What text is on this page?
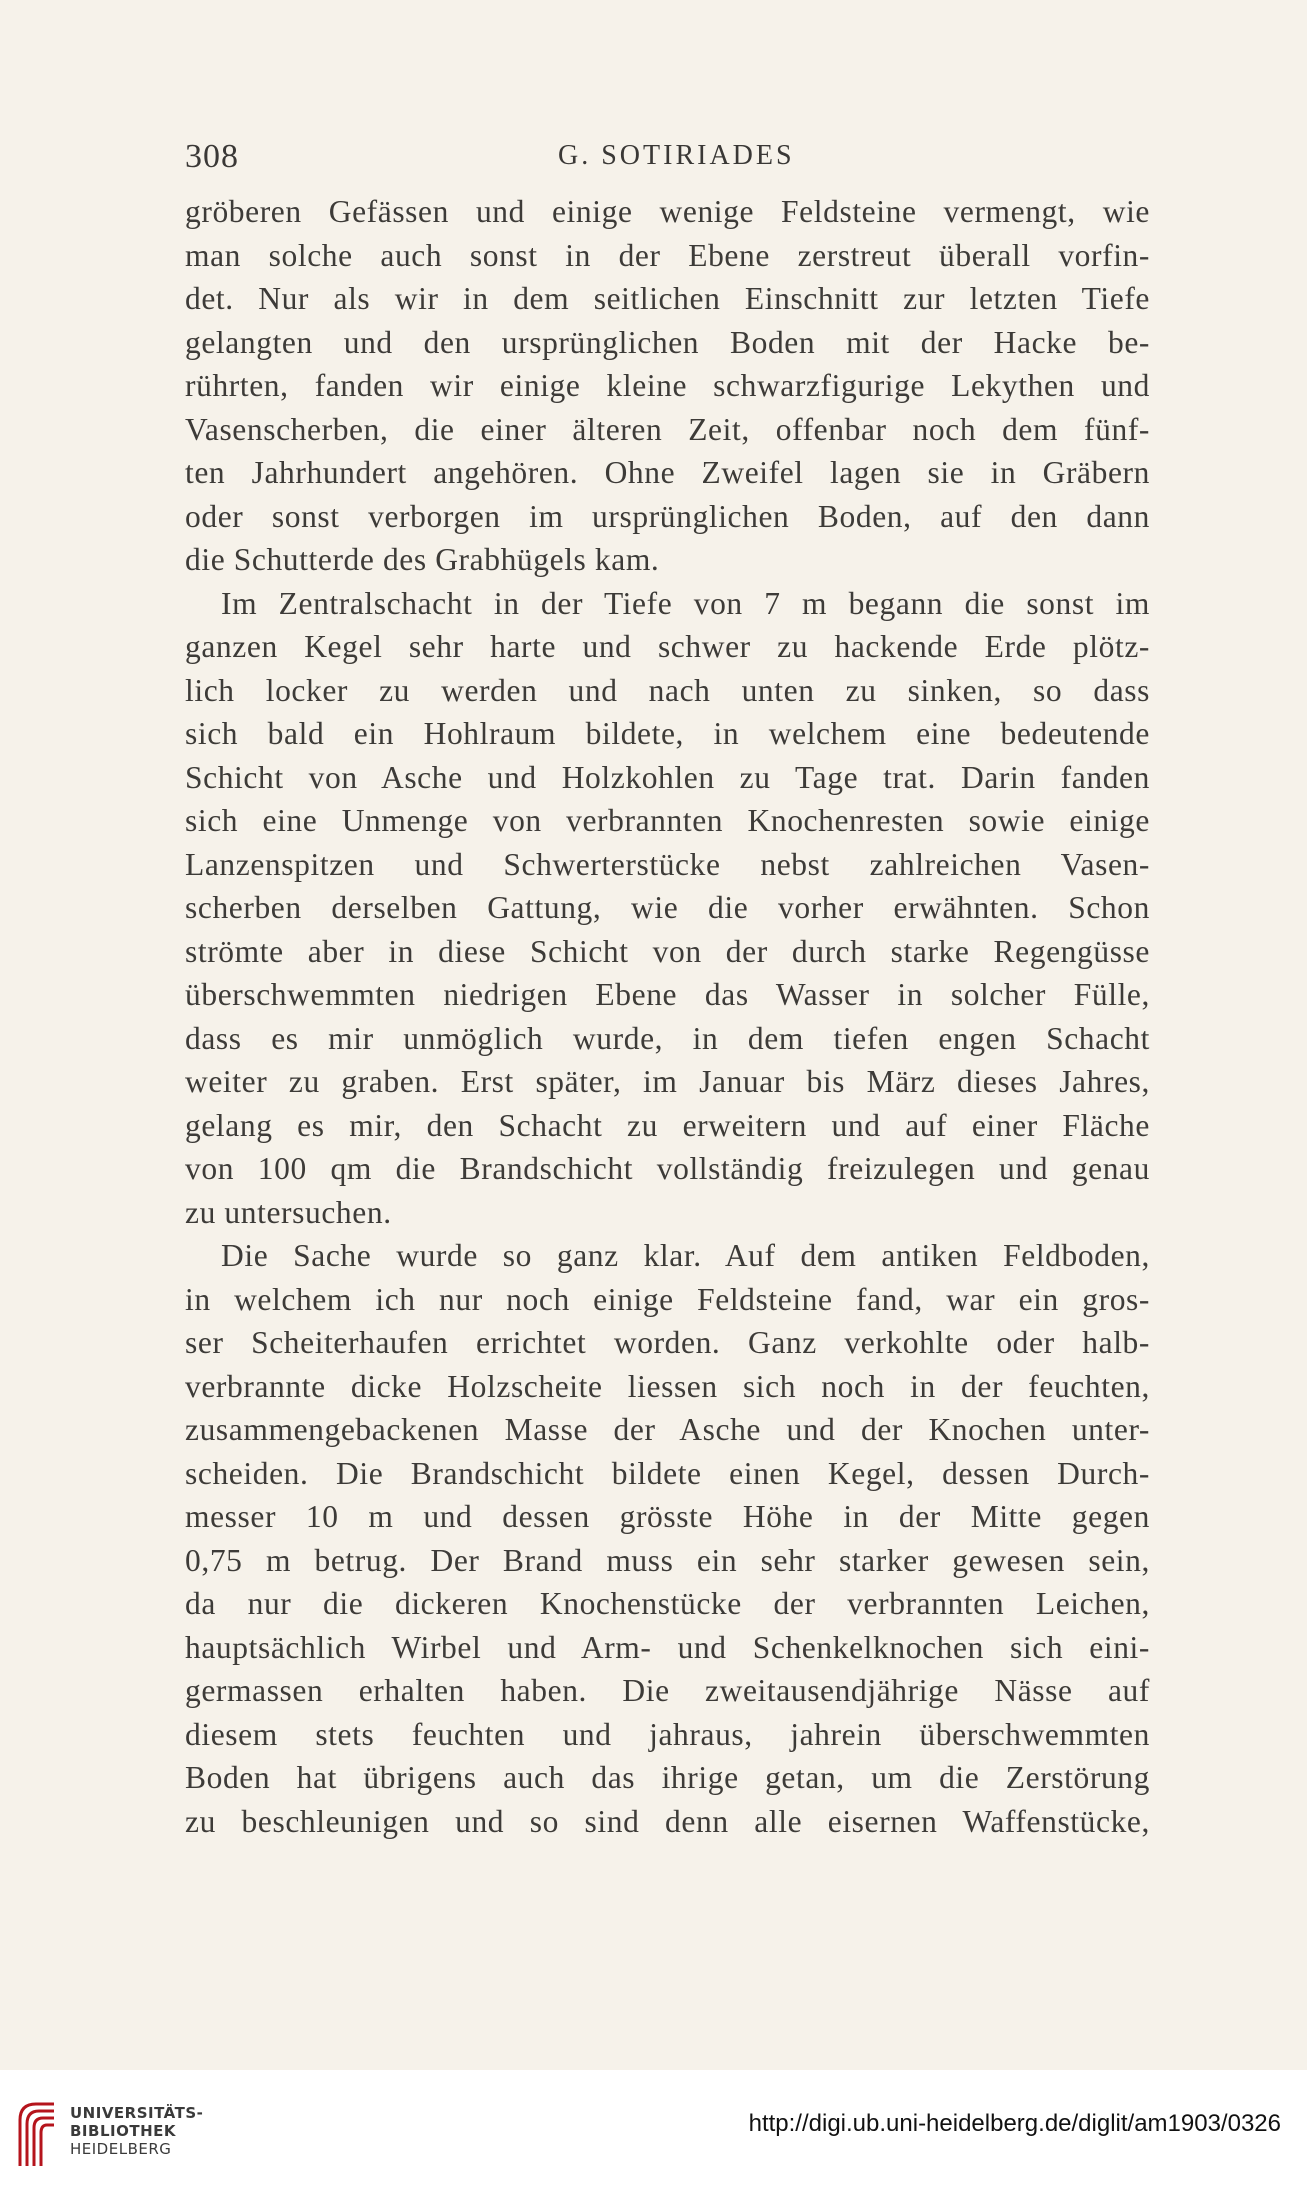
308	G. SOTIRIADES

gröberen Gefässen und einige wenige Feldsteine vermengt, wie
man solche auch sonst in der Ebene zerstreut überall vorfin-
det. Nur als wir in dem seitlichen Einschnitt zur letzten Tiefe
gelangten und den ursprünglichen Boden mit der Hacke be-
rührten, fanden wir einige kleine schwarzfigurige Lekythen und
Vasenscherben, die einer älteren Zeit, offenbar noch dem fünf-
ten Jahrhundert angehören. Ohne Zweifel lagen sie in Gräbern
oder sonst verborgen im ursprünglichen Boden, auf den dann
die Schutterde des Grabhügels kam.

Im Zentralschacht in der Tiefe von 7 m begann die sonst im
ganzen Kegel sehr harte und schwer zu hackende Erde plötz-
lich locker zu werden und nach unten zu sinken, so dass
sich bald ein Hohlraum bildete, in welchem eine bedeutende
Schicht von Asche und Holzkohlen zu Tage trat. Darin fanden
sich eine Unmenge von verbrannten Knochenresten sowie einige
Lanzenspitzen und Schwerterstücke nebst zahlreichen Vasen-
scherben derselben Gattung, wie die vorher erwähnten. Schon
strömte aber in diese Schicht von der durch starke Regengüsse
überschwemmten niedrigen Ebene das Wasser in solcher Fülle,
dass es mir unmöglich wurde, in dem tiefen engen Schacht
weiter zu graben. Erst später, im Januar bis März dieses Jahres,
gelang es mir, den Schacht zu erweitern und auf einer Fläche
von 100 qm die Brandschicht vollständig freizulegen und genau
zu untersuchen.

Die Sache wurde so ganz klar. Auf dem antiken Feldboden,
in welchem ich nur noch einige Feldsteine fand, war ein gros-
ser Scheiterhaufen errichtet worden. Ganz verkohlte oder halb-
verbrannte dicke Holzscheite liessen sich noch in der feuchten,
zusammengebackenen Masse der Asche und der Knochen unter-
scheiden. Die Brandschicht bildete einen Kegel, dessen Durch-
messer 10 m und dessen grösste Höhe in der Mitte gegen
0,75 m betrug. Der Brand muss ein sehr starker gewesen sein,
da nur die dickeren Knochenstücke der verbrannten Leichen,
hauptsächlich Wirbel und Arm- und Schenkelknochen sich eini-
germassen erhalten haben. Die zweitausendjährige Nässe auf
diesem stets feuchten und jahraus, jahrein überschwemmten
Boden hat übrigens auch das ihrige getan, um die Zerstörung
zu beschleunigen und so sind denn alle eisernen Waffenstücke,

UNIVERSITÄTS-
BIBLIOTHEK
HEIDELBERG
http://digi.ub.uni-heidelberg.de/diglit/am1903/0326
